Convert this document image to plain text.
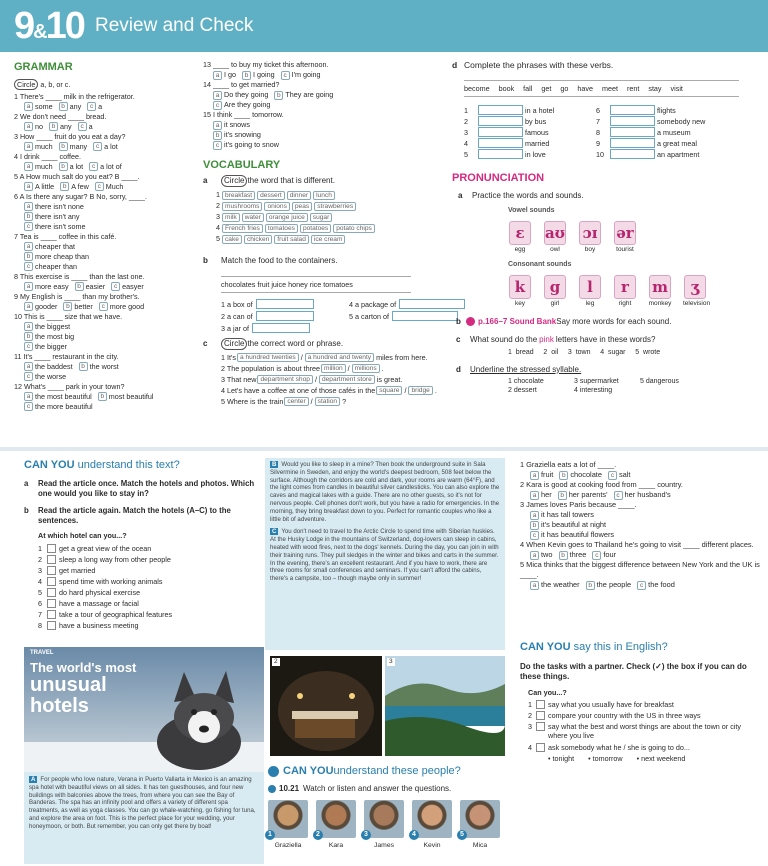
9&10 Review and Check
GRAMMAR
Circle a, b, or c.
1 There's ____ milk in the refrigerator.
a some	b any	c a
2 We don't need ____ bread.
a no	b any	c a
3 How ____ fruit do you eat a day?
a much	b many	c a lot
4 I drink ____ coffee.
a much	b a lot	c a lot of
5 A How much salt do you eat? B ____.
a A little	b A few	c Much
6 A Is there any sugar? B No, sorry, ____.
a there isn't none
b there isn't any
c there isn't some
7 Tea is ____ coffee in this café.
a cheaper that
b more cheap than
c cheaper than
8 This exercise is ____ than the last one.
a more easy	b easier	c easyer
9 My English is ____ than my brother's.
a gooder	b better	c more good
10 This is ____ size that we have.
a the biggest
b the most big
c the bigger
11 It's ____ restaurant in the city.
a the baddest	b the worst
c the worse
12 What's ____ park in your town?
a the most beautiful	b most beautiful
c the more beautiful
13 ____ to buy my ticket this afternoon.
a I go	b I going	c I'm going
14 ____ to get married?
a Do they going	b They are going
c Are they going
15 I think ____ tomorrow.
a it snows
b it's snowing
c it's going to snow
VOCABULARY
a	Circle the word that is different.
1 breakfast dessert dinner lunch
2 mushrooms onions peas strawberries
3 milk water orange juice sugar
4 French fries tomatoes potatoes potato chips
5 cake chicken fruit salad ice cream
b	Match the food to the containers.
chocolates fruit juice honey rice tomatoes
1 a box of
2 a can of
3 a jar of
4 a package of
5 a carton of
c	Circle the correct word or phrase.
1 It's a hundred twenties / a hundred and twenty miles from here.
2 The population is about three million / millions .
3 That new department shop / department store is great.
4 Let's have a coffee at one of those cafés in the square / bridge .
5 Where is the train center / station ?
d Complete the phrases with these verbs.
become book fall get go have meet rent stay visit
1	in a hotel
2	by bus
3	famous
4	married
5	in love
6	flights
7	somebody new
8	a museum
9	a great meal
10	an apartment
PRONUNCIATION
a	Practice the words and sounds.
Vowel sounds
ɛ
egg
aʊ
owl
ɔɪ
boy
ər
tourist
Consonant sounds
k
key
g
girl
l
leg
r
right
m
monkey
ʒ
television
b	p.166–7 Sound Bank Say more words for each sound.
c	What sound do the pink letters have in these words?
1  bread     2  oil     3  town     4  sugar     5  wrote
d	Underline the stressed syllable.
1 chocolate	3 supermarket	5 dangerous
2 dessert	4 interesting
CAN YOU understand this text?
a	Read the article once. Match the hotels and photos. Which one would you like to stay in?
b	Read the article again. Match the hotels (A–C) to the sentences.
At which hotel can you...?
1	get a great view of the ocean
2	sleep a long way from other people
3	get married
4	spend time with working animals
5	do hard physical exercise
6	have a massage or facial
7	take a tour of geographical features
8	have a business meeting
TRAVEL
The world's most
unusual
hotels
A For people who love nature, Verana in Puerto Vallarta in Mexico is an amazing spa hotel with beautiful views on all sides. It has ten guesthouses, and four new buildings with balconies above the trees, from where you can see the Bay of Banderas. The spa has an infinity pool and offers a variety of different spa treatments, as well as yoga classes. You can go whale-watching, go fishing for tuna, and explore the area on foot. This is the perfect place for your wedding, your honeymoon, or both. But remember, you can only get there by boat!
B Would you like to sleep in a mine? Then book the underground suite in Sala Silvermine in Sweden, and enjoy the world's deepest bedroom, 508 feet below the surface. Although the corridors are cold and dark, your rooms are warm (64°F), and the light comes from candles in beautiful silver candlesticks. You can also explore the caves and magical lakes with a guide. There are no other guests, so it's not for nervous people. Cell phones don't work, but you have a radio for emergencies. In the morning, they bring breakfast down to you. Perfect for romantic couples who like a little bit of adventure.
C You don't need to travel to the Arctic Circle to spend time with Siberian huskies. At the Husky Lodge in the mountains of Switzerland, dog-lovers can sleep in cabins, heated with wood fires, next to the dogs' kennels. During the day, you can join in with their training runs. They pull sledges in the winter and bikes and carts in the summer. In the evening, there's an excellent restaurant. And if you have to work, there are three rooms for small conferences and seminars. If you can't afford the cabins, there's a campsite, too – though maybe only in summer!
2	3
CAN YOU understand these people?
10.21 Watch or listen and answer the questions.
1
Graziella
2
Kara
3
James
4
Kevin
5
Mica
1 Graziella eats a lot of ____.
a fruit	b chocolate	c salt
2 Kara is good at cooking food from ____ country.
a her	b her parents'	c her husband's
3 James loves Paris because ____.
a it has tall towers
b it's beautiful at night
c it has beautiful flowers
4 When Kevin goes to Thailand he's going to visit ____ different places.
a two	b three	c four
5 Mica thinks that the biggest difference between New York and the UK is ____.
a the weather	b the people	c the food
CAN YOU say this in English?
Do the tasks with a partner. Check (✓) the box if you can do these things.
Can you...?
1	say what you usually have for breakfast
2	compare your country with the US in three ways
3	say what the best and worst things are about the town or city where you live
4	ask somebody what he / she is going to do...
• tonight • tomorrow • next weekend
